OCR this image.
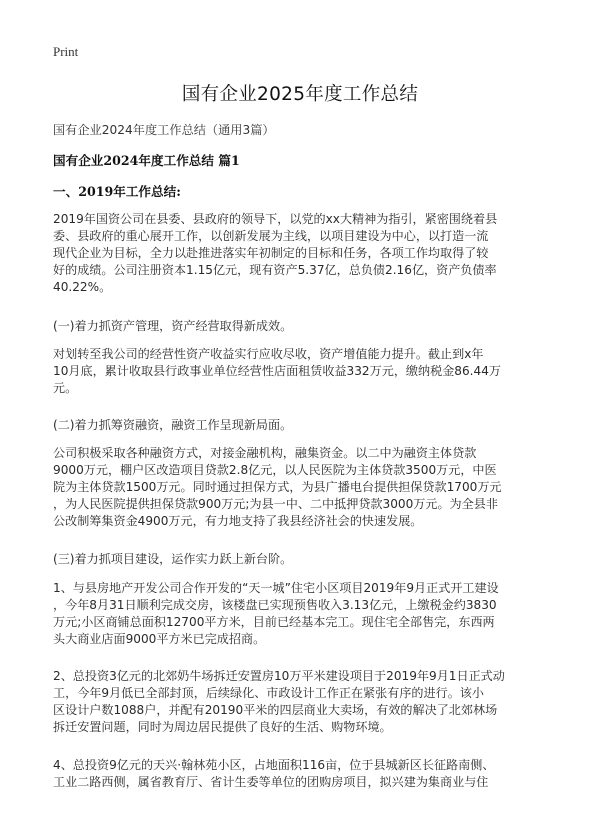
Print
国有企业2025年度工作总结
国有企业2024年度工作总结（通用3篇）
国有企业2024年度工作总结 篇1
一、2019年工作总结:
2019年国资公司在县委、县政府的领导下，以党的xx大精神为指引，紧密围绕着县
委、县政府的重心展开工作，以创新发展为主线，以项目建设为中心，以打造一流
现代企业为目标，全力以赴推进落实年初制定的目标和任务，各项工作均取得了较
好的成绩。公司注册资本1.15亿元，现有资产5.37亿，总负债2.16亿，资产负债率
40.22%。
(一)着力抓资产管理，资产经营取得新成效。
对划转至我公司的经营性资产收益实行应收尽收，资产增值能力提升。截止到x年
10月底，累计收取县行政事业单位经营性店面租赁收益332万元，缴纳税金86.44万
元。
(二)着力抓筹资融资，融资工作呈现新局面。
公司积极采取各种融资方式，对接金融机构，融集资金。以二中为融资主体贷款
9000万元，棚户区改造项目贷款2.8亿元，以人民医院为主体贷款3500万元，中医
院为主体贷款1500万元。同时通过担保方式，为县广播电台提供担保贷款1700万元
，为人民医院提供担保贷款900万元;为县一中、二中抵押贷款3000万元。为全县非
公改制筹集资金4900万元，有力地支持了我县经济社会的快速发展。
(三)着力抓项目建设，运作实力跃上新台阶。
1、与县房地产开发公司合作开发的“天一城”住宅小区项目2019年9月正式开工建设
，今年8月31日顺利完成交房，该楼盘已实现预售收入3.13亿元，上缴税金约3830
万元;小区商铺总面积12700平方米，目前已经基本完工。现住宅全部售完，东西两
头大商业店面9000平方米已完成招商。
2、总投资3亿元的北郊奶牛场拆迁安置房10万平米建设项目于2019年9月1日正式动
工，今年9月低已全部封顶，后续绿化、市政设计工作正在紧张有序的进行。该小
区设计户数1088户，并配有20190平米的四层商业大卖场，有效的解决了北郊林场
拆迁安置问题，同时为周边居民提供了良好的生活、购物环境。
4、总投资9亿元的天兴·翰林苑小区，占地面积116亩，位于县城新区长征路南侧、
工业二路西侧，属省教育厅、省计生委等单位的团购房项目，拟兴建为集商业与住
